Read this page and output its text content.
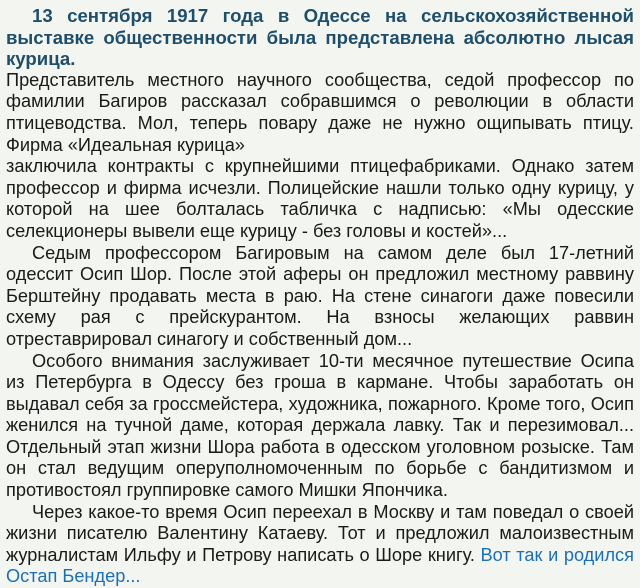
13 сентября 1917 года в Одессе на сельскохозяйственной выставке общественности была представлена абсолютно лысая курица.

Представитель местного научного сообщества, седой профессор по фамилии Багиров рассказал собравшимся о революции в области птицеводства. Мол, теперь повару даже не нужно ощипывать птицу. Фирма «Идеальная курица»

заключила контракты с крупнейшими птицефабриками. Однако затем профессор и фирма исчезли. Полицейские нашли только одну курицу, у которой на шее болталась табличка с надписью: «Мы одесские селекционеры вывели еще курицу - без головы и костей»...

Седым профессором Багировым на самом деле был 17-летний одессит Осип Шор. После этой аферы он предложил местному раввину Берштейну продавать места в раю. На стене синагоги даже повесили схему рая с прейскурантом. На взносы желающих раввин отреставрировал синагогу и собственный дом...

Особого внимания заслуживает 10-ти месячное путешествие Осипа из Петербурга в Одессу без гроша в кармане. Чтобы заработать он выдавал себя за гроссмейстера, художника, пожарного. Кроме того, Осип женился на тучной даме, которая держала лавку. Так и перезимовал... Отдельный этап жизни Шора работа в одесском уголовном розыске. Там он стал ведущим оперуполномоченным по борьбе с бандитизмом и противостоял группировке самого Мишки Япончика.

Через какое-то время Осип переехал в Москву и там поведал о своей жизни писателю Валентину Катаеву. Тот и предложил малоизвестным журналистам Ильфу и Петрову написать о Шоре книгу. Вот так и родился Остап Бендер...
